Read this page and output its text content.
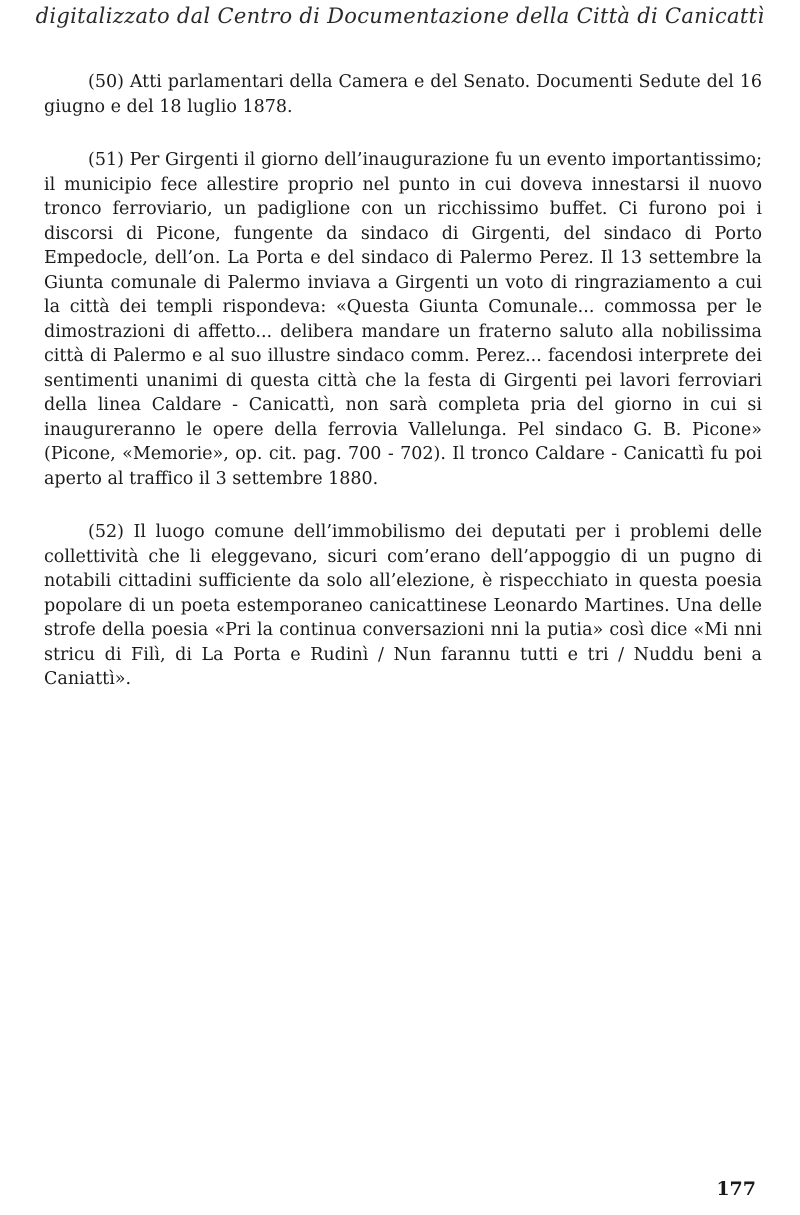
digitalizzato dal Centro di Documentazione della Città di Canicattì

(50) Atti parlamentari della Camera e del Senato. Documenti Sedute del 16 giugno e del 18 luglio 1878.

(51) Per Girgenti il giorno dell’inaugurazione fu un evento importantissimo; il municipio fece allestire proprio nel punto in cui doveva innestarsi il nuovo tronco ferroviario, un padiglione con un ricchissimo buffet. Ci furono poi i discorsi di Picone, fungente da sindaco di Girgenti, del sindaco di Porto Empedocle, dell’on. La Porta e del sindaco di Palermo Perez. Il 13 settembre la Giunta comunale di Palermo inviava a Girgenti un voto di ringraziamento a cui la città dei templi rispondeva: «Questa Giunta Comunale... commossa per le dimostrazioni di affetto... delibera mandare un fraterno saluto alla nobilissima città di Palermo e al suo illustre sindaco comm. Perez... facendosi interprete dei sentimenti unanimi di questa città che la festa di Girgenti pei lavori ferroviari della linea Caldare - Canicattì, non sarà completa pria del giorno in cui si inaugureranno le opere della ferrovia Vallelunga. Pel sindaco G. B. Picone» (Picone, «Memorie», op. cit. pag. 700 - 702). Il tronco Caldare - Canicattì fu poi aperto al traffico il 3 settembre 1880.

(52) Il luogo comune dell’immobilismo dei deputati per i problemi delle collettività che li eleggevano, sicuri com’erano dell’appoggio di un pugno di notabili cittadini sufficiente da solo all’elezione, è rispecchiato in questa poesia popolare di un poeta estemporaneo canicattinese Leonardo Martines. Una delle strofe della poesia «Pri la continua conversazioni nni la putia» così dice «Mi nni stricu di Filì, di La Porta e Rudinì / Nun farannu tutti e tri / Nuddu beni a Caniattì».

177
